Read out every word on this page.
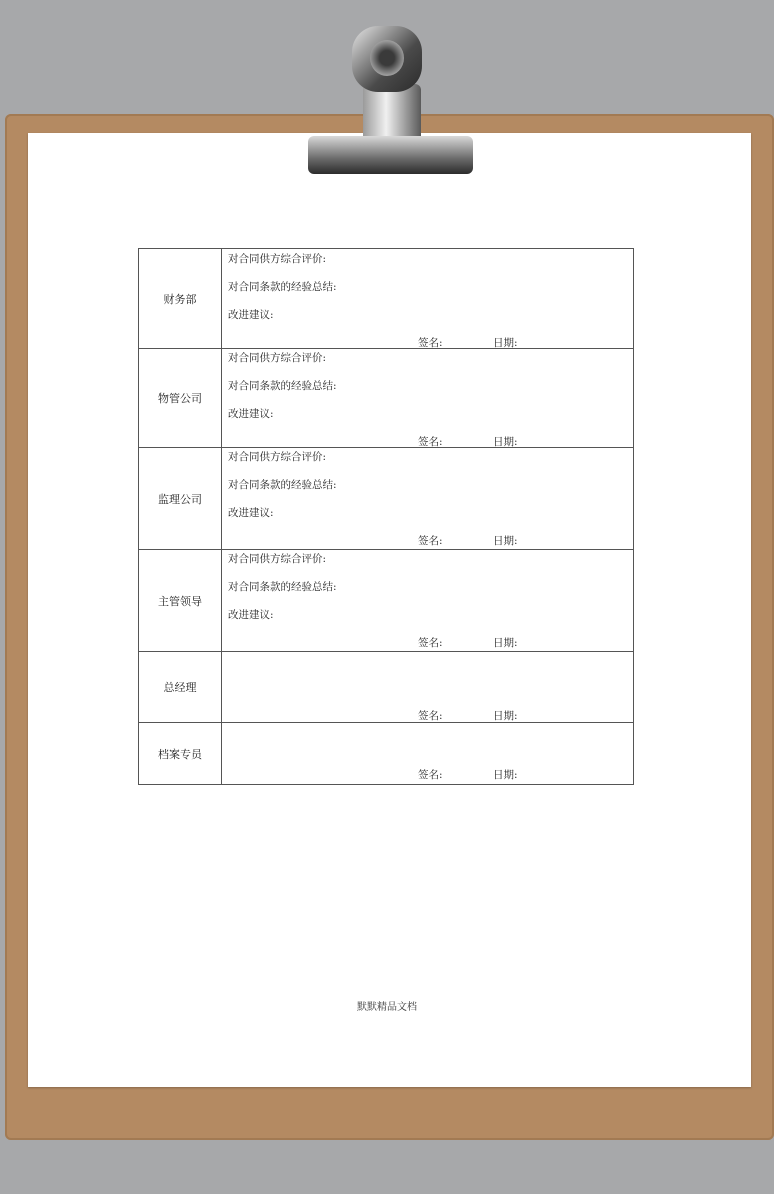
财务部	对合同供方综合评价:
对合同条款的经验总结:
改进建议:
签名: 日期:

物管公司	对合同供方综合评价:
对合同条款的经验总结:
改进建议:
签名: 日期:

监理公司	对合同供方综合评价:
对合同条款的经验总结:
改进建议:
签名: 日期:

主管领导	对合同供方综合评价:
对合同条款的经验总结:
改进建议:
签名: 日期:

总经理	签名: 日期:

档案专员	签名: 日期:
默默精品文档
